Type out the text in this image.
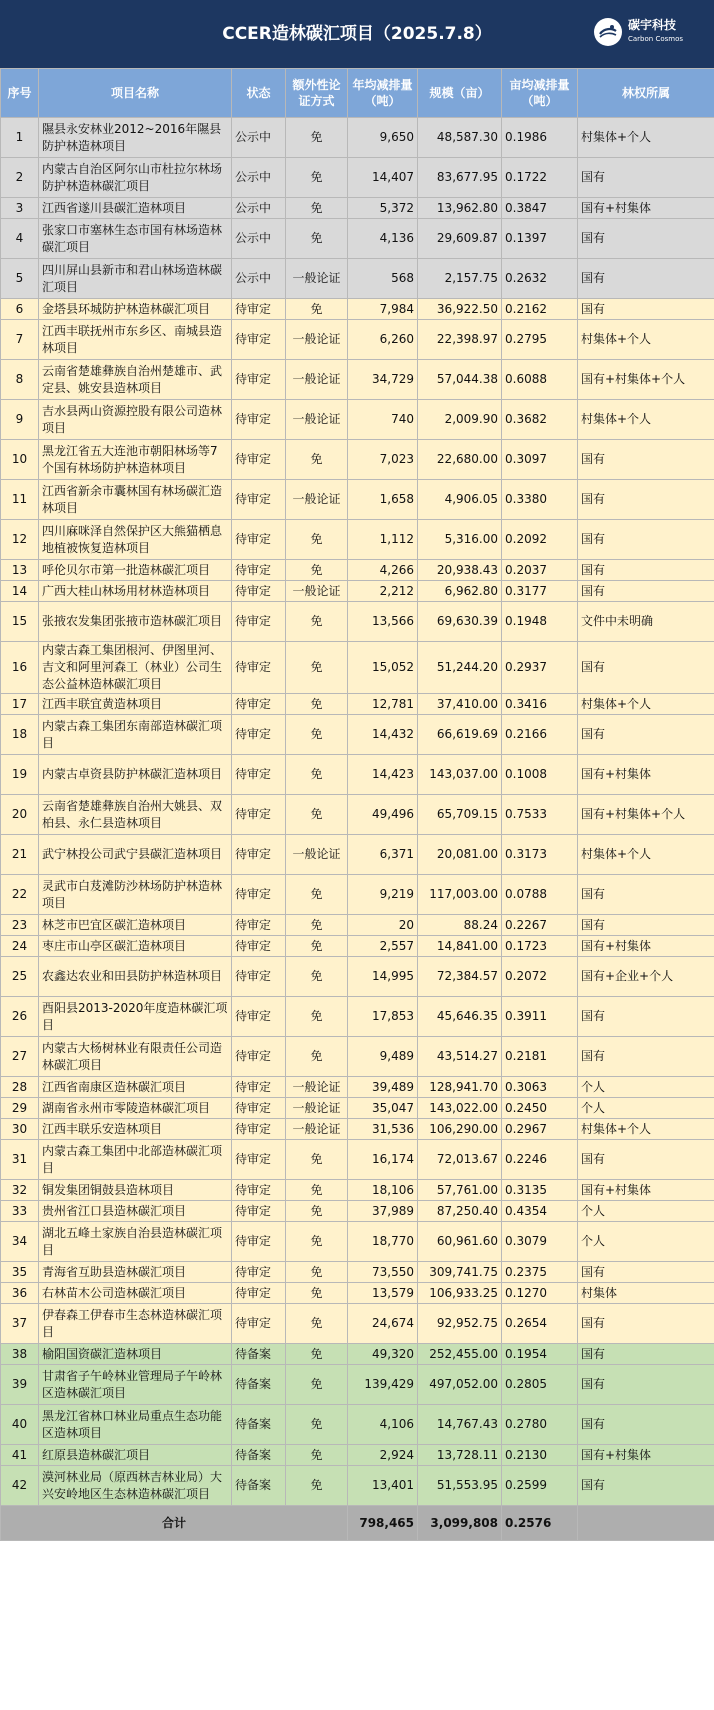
CCER造林碳汇项目（2025.7.8）	碳宇科技
Carbon Cosmos
序号	项目名称	状态	额外性论证方式	年均减排量（吨）	规模（亩）	亩均减排量（吨）	林权所属
1	隰县永安林业2012~2016年隰县防护林造林项目	公示中	免	9,650	48,587.30	0.1986	村集体+个人
2	内蒙古自治区阿尔山市杜拉尔林场防护林造林碳汇项目	公示中	免	14,407	83,677.95	0.1722	国有
3	江西省遂川县碳汇造林项目	公示中	免	5,372	13,962.80	0.3847	国有+村集体
4	张家口市塞林生态市国有林场造林碳汇项目	公示中	免	4,136	29,609.87	0.1397	国有
5	四川屏山县新市和君山林场造林碳汇项目	公示中	一般论证	568	2,157.75	0.2632	国有
6	金塔县环城防护林造林碳汇项目	待审定	免	7,984	36,922.50	0.2162	国有
7	江西丰联抚州市东乡区、南城县造林项目	待审定	一般论证	6,260	22,398.97	0.2795	村集体+个人
8	云南省楚雄彝族自治州楚雄市、武定县、姚安县造林项目	待审定	一般论证	34,729	57,044.38	0.6088	国有+村集体+个人
9	吉水县两山资源控股有限公司造林项目	待审定	一般论证	740	2,009.90	0.3682	村集体+个人
10	黑龙江省五大连池市朝阳林场等7个国有林场防护林造林项目	待审定	免	7,023	22,680.00	0.3097	国有
11	江西省新余市囊林国有林场碳汇造林项目	待审定	一般论证	1,658	4,906.05	0.3380	国有
12	四川麻咪泽自然保护区大熊猫栖息地植被恢复造林项目	待审定	免	1,112	5,316.00	0.2092	国有
13	呼伦贝尔市第一批造林碳汇项目	待审定	免	4,266	20,938.43	0.2037	国有
14	广西大桂山林场用材林造林项目	待审定	一般论证	2,212	6,962.80	0.3177	国有
15	张掖农发集团张掖市造林碳汇项目	待审定	免	13,566	69,630.39	0.1948	文件中未明确
16	内蒙古森工集团根河、伊图里河、吉文和阿里河森工（林业）公司生态公益林造林碳汇项目	待审定	免	15,052	51,244.20	0.2937	国有
17	江西丰联宜黄造林项目	待审定	免	12,781	37,410.00	0.3416	村集体+个人
18	内蒙古森工集团东南部造林碳汇项目	待审定	免	14,432	66,619.69	0.2166	国有
19	内蒙古卓资县防护林碳汇造林项目	待审定	免	14,423	143,037.00	0.1008	国有+村集体
20	云南省楚雄彝族自治州大姚县、双柏县、永仁县造林项目	待审定	免	49,496	65,709.15	0.7533	国有+村集体+个人
21	武宁林投公司武宁县碳汇造林项目	待审定	一般论证	6,371	20,081.00	0.3173	村集体+个人
22	灵武市白芨滩防沙林场防护林造林项目	待审定	免	9,219	117,003.00	0.0788	国有
23	林芝市巴宜区碳汇造林项目	待审定	免	20	88.24	0.2267	国有
24	枣庄市山亭区碳汇造林项目	待审定	免	2,557	14,841.00	0.1723	国有+村集体
25	农鑫达农业和田县防护林造林项目	待审定	免	14,995	72,384.57	0.2072	国有+企业+个人
26	酉阳县2013-2020年度造林碳汇项目	待审定	免	17,853	45,646.35	0.3911	国有
27	内蒙古大杨树林业有限责任公司造林碳汇项目	待审定	免	9,489	43,514.27	0.2181	国有
28	江西省南康区造林碳汇项目	待审定	一般论证	39,489	128,941.70	0.3063	个人
29	湖南省永州市零陵造林碳汇项目	待审定	一般论证	35,047	143,022.00	0.2450	个人
30	江西丰联乐安造林项目	待审定	一般论证	31,536	106,290.00	0.2967	村集体+个人
31	内蒙古森工集团中北部造林碳汇项目	待审定	免	16,174	72,013.67	0.2246	国有
32	铜发集团铜鼓县造林项目	待审定	免	18,106	57,761.00	0.3135	国有+村集体
33	贵州省江口县造林碳汇项目	待审定	免	37,989	87,250.40	0.4354	个人
34	湖北五峰土家族自治县造林碳汇项目	待审定	免	18,770	60,961.60	0.3079	个人
35	青海省互助县造林碳汇项目	待审定	免	73,550	309,741.75	0.2375	国有
36	右林苗木公司造林碳汇项目	待审定	免	13,579	106,933.25	0.1270	村集体
37	伊春森工伊春市生态林造林碳汇项目	待审定	免	24,674	92,952.75	0.2654	国有
38	榆阳国资碳汇造林项目	待备案	免	49,320	252,455.00	0.1954	国有
39	甘肃省子午岭林业管理局子午岭林区造林碳汇项目	待备案	免	139,429	497,052.00	0.2805	国有
40	黑龙江省林口林业局重点生态功能区造林项目	待备案	免	4,106	14,767.43	0.2780	国有
41	红原县造林碳汇项目	待备案	免	2,924	13,728.11	0.2130	国有+村集体
42	漠河林业局（原西林吉林业局）大兴安岭地区生态林造林碳汇项目	待备案	免	13,401	51,553.95	0.2599	国有
合计				798,465	3,099,808	0.2576	
